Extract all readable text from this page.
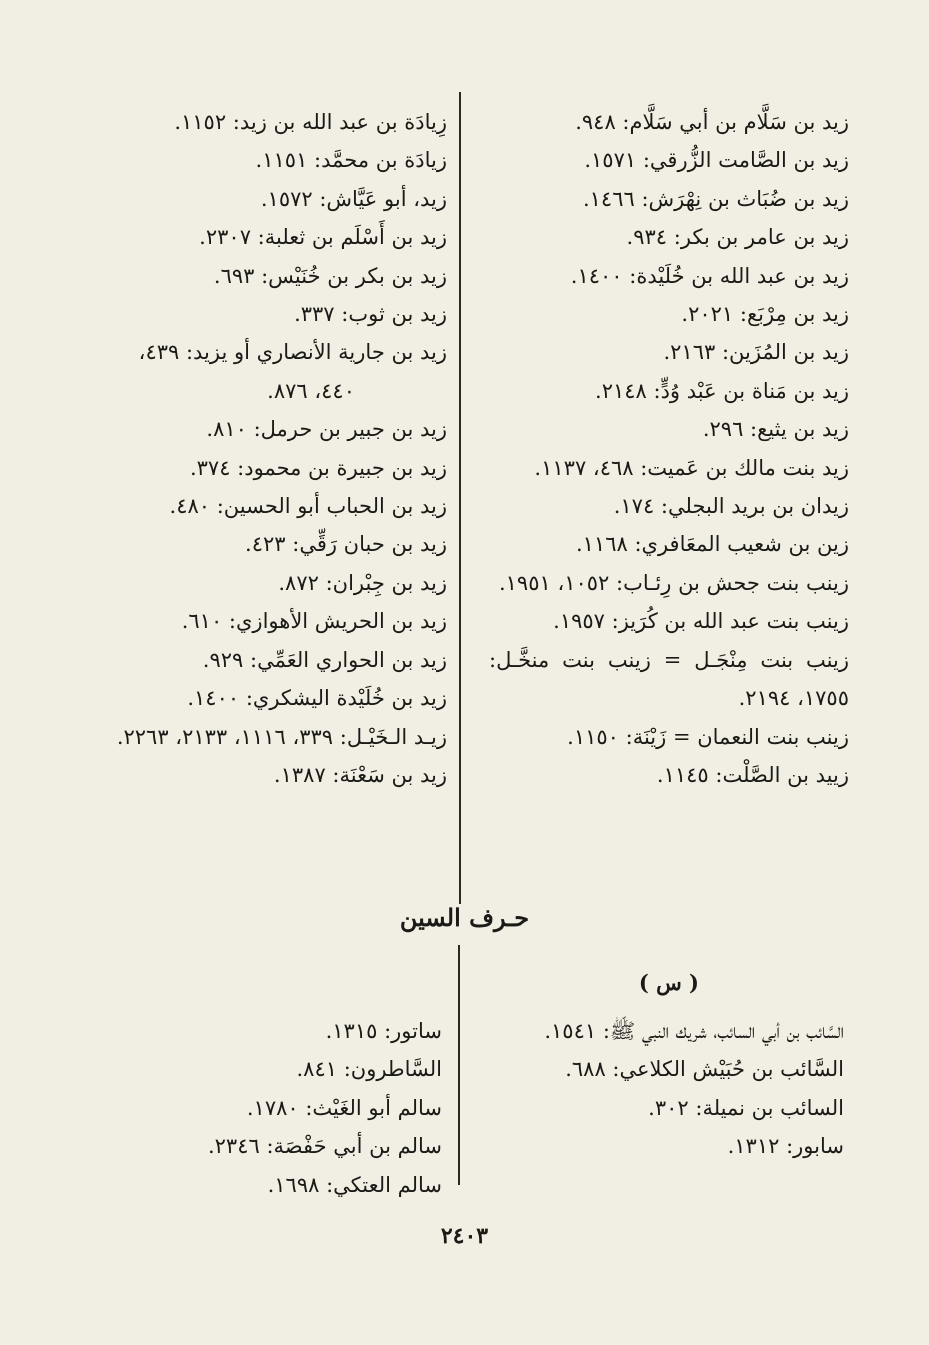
زِيادَة بن عبد الله بن زيد: ١١٥٢.
زيادَة بن محمَّد: ١١٥١.
زيد، أبو عَيَّاش: ١٥٧٢.
زيد بن أَسْلَم بن ثعلبة: ٢٣٠٧.
زيد بن بكر بن خُنَيْس: ٦٩٣.
زيد بن ثوب: ٣٣٧.
زيد بن جارية الأنصاري أو يزيد: ٤٣٩،
٤٤٠، ٨٧٦.
زيد بن جبير بن حرمل: ٨١٠.
زيد بن جبيرة بن محمود: ٣٧٤.
زيد بن الحباب أبو الحسين: ٤٨٠.
زيد بن حبان رَقِّي: ٤٢٣.
زيد بن جِبْران: ٨٧٢.
زيد بن الحريش الأهوازي: ٦١٠.
زيد بن الحواري العَمِّي: ٩٢٩.
زيد بن خُلَيْدة اليشكري: ١٤٠٠.
زيـد الـخَيْـل: ٣٣٩، ١١١٦، ٢١٣٣، ٢٢٦٣.
زيد بن سَعْنَة: ١٣٨٧.
زيد بن سَلَّام بن أبي سَلَّام: ٩٤٨.
زيد بن الصَّامت الزُّرقي: ١٥٧١.
زيد بن ضُبَاث بن نِهْرَش: ١٤٦٦.
زيد بن عامر بن بكر: ٩٣٤.
زيد بن عبد الله بن خُلَيْدة: ١٤٠٠.
زيد بن مِرْبَع: ٢٠٢١.
زيد بن المُزَين: ٢١٦٣.
زيد بن مَناة بن عَبْد وُدٍّ: ٢١٤٨.
زيد بن يثيع: ٢٩٦.
زيد بنت مالك بن عَميت: ٤٦٨، ١١٣٧.
زيدان بن بريد البجلي: ١٧٤.
زين بن شعيب المعَافري: ١١٦٨.
زينب بنت جحش بن رِئـاب: ١٠٥٢، ١٩٥١.
زينب بنت عبد الله بن كُرَيز: ١٩٥٧.
زينب بنت مِنْجَـل = زينب بنت منخَّـل: ١٧٥٥، ٢١٩٤.
زينب بنت النعمان = زَيْنَة: ١١٥٠.
زييد بن الصَّلْت: ١١٤٥.
حـرف السين
( س )
السَّائب بن أبي السائب، شريك النبي ﷺ: ١٥٤١.
السَّائب بن حُبَيْش الكلاعي: ٦٨٨.
السائب بن نميلة: ٣٠٢.
سابور: ١٣١٢.
ساتور: ١٣١٥.
السَّاطرون: ٨٤١.
سالم أبو الغَيْث: ١٧٨٠.
سالم بن أبي حَفْصَة: ٢٣٤٦.
سالم العتكي: ١٦٩٨.
٢٤٠٣
